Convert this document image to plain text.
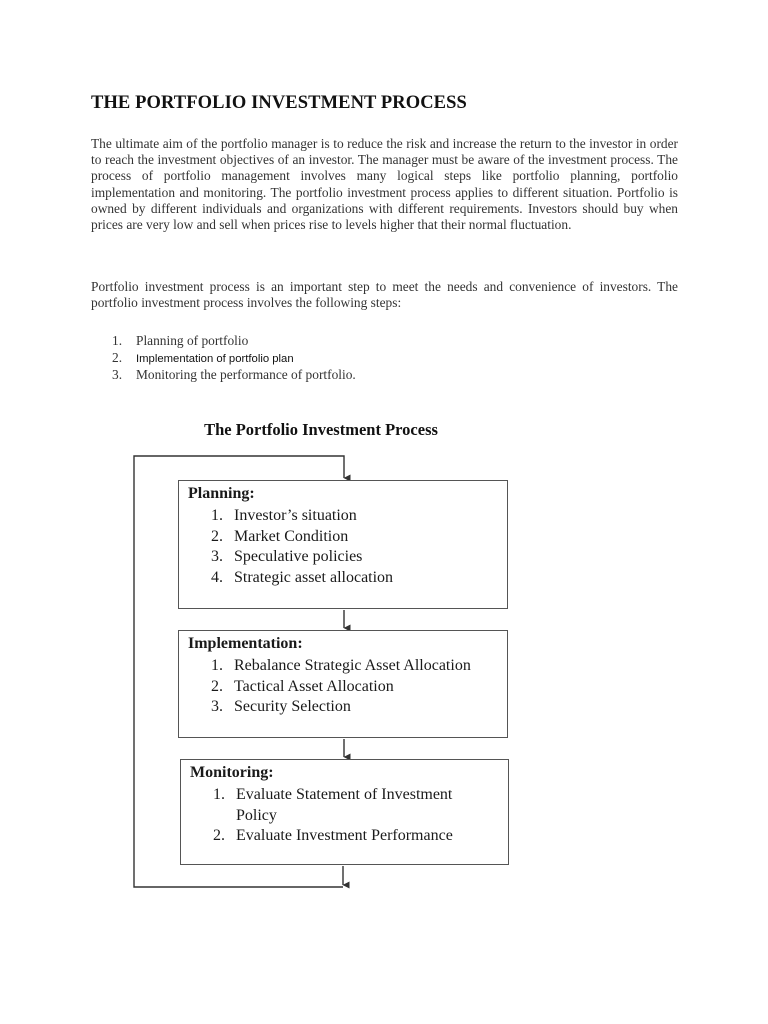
THE PORTFOLIO INVESTMENT PROCESS

The ultimate aim of the portfolio manager is to reduce the risk and increase the return to the investor in order to reach the investment objectives of an investor. The manager must be aware of the investment process. The process of portfolio management involves many logical steps like portfolio planning, portfolio implementation and monitoring. The portfolio investment process applies to different situation. Portfolio is owned by different individuals and organizations with different requirements. Investors should buy when prices are very low and sell when prices rise to levels higher that their normal fluctuation.

Portfolio investment process is an important step to meet the needs and convenience of investors. The portfolio investment process involves the following steps:

1. Planning of portfolio
2. Implementation of portfolio plan
3. Monitoring the performance of portfolio.
The Portfolio Investment Process
Planning:
1. Investor’s situation
2. Market Condition
3. Speculative policies
4. Strategic asset allocation
Implementation:
1. Rebalance Strategic Asset Allocation
2. Tactical Asset Allocation
3. Security Selection
Monitoring:
1. Evaluate Statement of Investment
Policy
2. Evaluate Investment Performance
